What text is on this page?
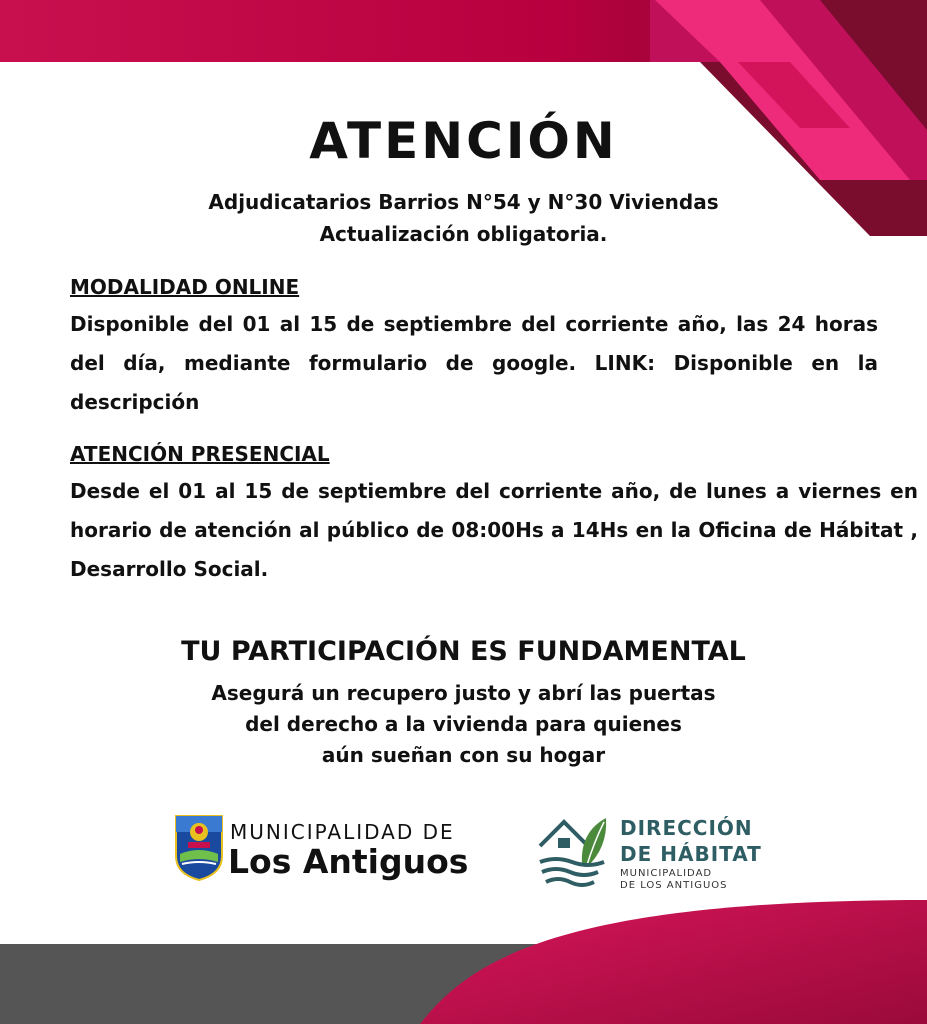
ATENCIÓN
Adjudicatarios Barrios N°54 y N°30 Viviendas
Actualización obligatoria.

MODALIDAD ONLINE

Disponible del 01 al 15 de septiembre del corriente año, las 24 horas del día, mediante formulario de google. LINK: Disponible en la descripción

ATENCIÓN PRESENCIAL

Desde el 01 al 15 de septiembre del corriente año, de lunes a viernes en horario de atención al público de 08:00Hs a 14Hs en la Oficina de Hábitat , Desarrollo Social.

TU PARTICIPACIÓN ES FUNDAMENTAL
Asegurá un recupero justo y abrí las puertas
del derecho a la vivienda para quienes
aún sueñan con su hogar
MUNICIPALIDAD DE
Los Antiguos
DIRECCIÓN
DE HÁBITAT
MUNICIPALIDAD
DE LOS ANTIGUOS
